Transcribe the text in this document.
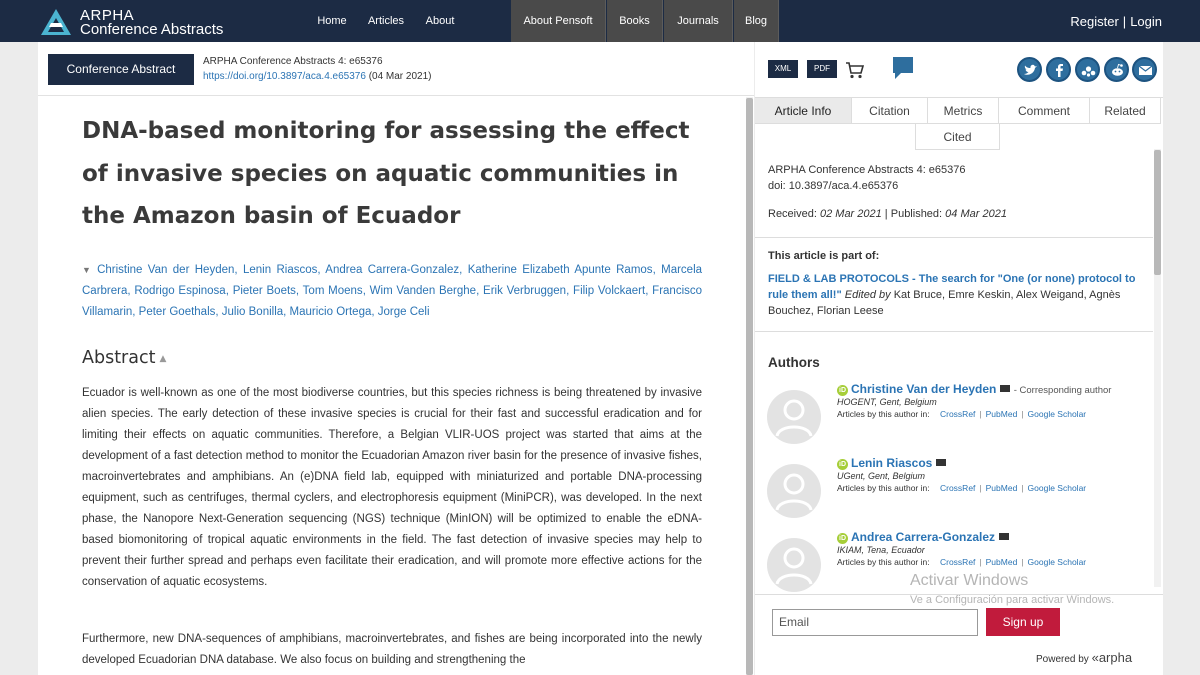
ARPHA
Conference Abstracts	Home	Articles	About	About Pensoft	Books	Journals	Blog	Register | Login
Conference Abstract
ARPHA Conference Abstracts 4: e65376
https://doi.org/10.3897/aca.4.e65376 (04 Mar 2021)
DNA-based monitoring for assessing the effect of invasive species on aquatic communities in the Amazon basin of Ecuador
▼ Christine Van der Heyden, Lenin Riascos, Andrea Carrera-Gonzalez, Katherine Elizabeth Apunte Ramos, Marcela Carbrera, Rodrigo Espinosa, Pieter Boets, Tom Moens, Wim Vanden Berghe, Erik Verbruggen, Filip Volckaert, Francisco Villamarin, Peter Goethals, Julio Bonilla, Mauricio Ortega, Jorge Celi
Abstract ▲

Ecuador is well-known as one of the most biodiverse countries, but this species richness is being threatened by invasive alien species. The early detection of these invasive species is crucial for their fast and successful eradication and for limiting their effects on aquatic communities. Therefore, a Belgian VLIR-UOS project was started that aims at the development of a fast detection method to monitor the Ecuadorian Amazon river basin for the presence of invasive fishes, macroinvertebrates and amphibians. An (e)DNA field lab, equipped with miniaturized and portable DNA-processing equipment, such as centrifuges, thermal cyclers, and electrophoresis equipment (MiniPCR), was developed. In the next phase, the Nanopore Next-Generation sequencing (NGS) technique (MinION) will be optimized to enable the eDNA-based biomonitoring of tropical aquatic environments in the field. The fast detection of invasive species may help to prevent their further spread and perhaps even facilitate their eradication, and will promote more effective actions for the conservation of aquatic ecosystems.

Furthermore, new DNA-sequences of amphibians, macroinvertebrates, and fishes are being incorporated into the newly developed Ecuadorian DNA database. We also focus on building and strengthening the

XML	PDF
Article Info	Citation	Metrics	Comment	Related
Cited
ARPHA Conference Abstracts 4: e65376
doi: 10.3897/aca.4.e65376
Received: 02 Mar 2021 | Published: 04 Mar 2021
This article is part of:
FIELD & LAB PROTOCOLS - The search for "One (or none) protocol to rule them all!" Edited by Kat Bruce, Emre Keskin, Alex Weigand, Agnès Bouchez, Florian Leese
Authors
iD Christine Van der Heyden - Corresponding author
HOGENT, Gent, Belgium
Articles by this author in: CrossRef | PubMed | Google Scholar
iD Lenin Riascos
UGent, Gent, Belgium
Articles by this author in: CrossRef | PubMed | Google Scholar
iD Andrea Carrera-Gonzalez
IKIAM, Tena, Ecuador
Articles by this author in: CrossRef | PubMed | Google Scholar
Email	Sign up
Powered by «arpha
Activar Windows
Ve a Configuración para activar Windows.
